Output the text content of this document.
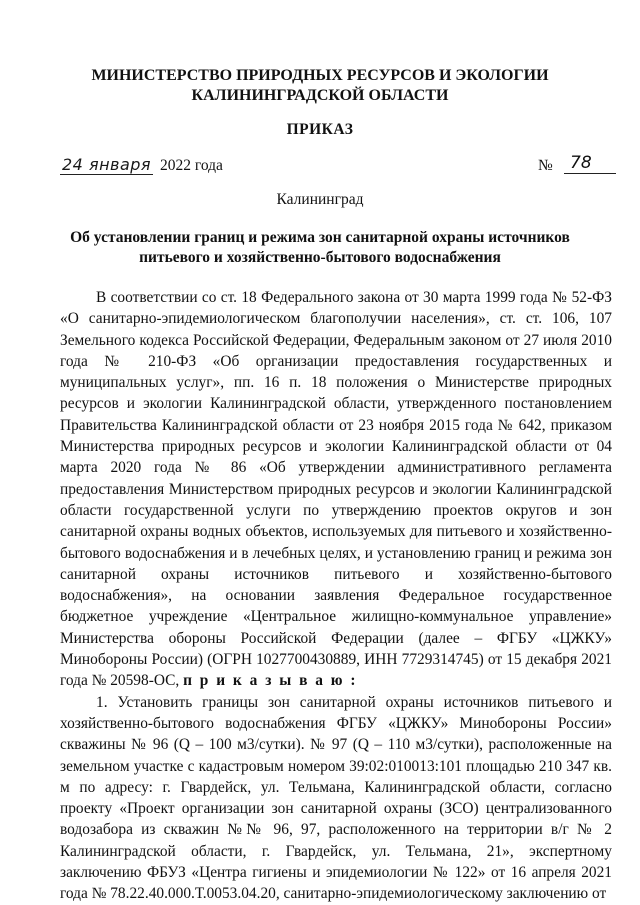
МИНИСТЕРСТВО ПРИРОДНЫХ РЕСУРСОВ И ЭКОЛОГИИ
КАЛИНИНГРАДСКОЙ ОБЛАСТИ
ПРИКАЗ
24 января 2022 года	№	78
Калининград
Об установлении границ и режима зон санитарной охраны источников
питьевого и хозяйственно-бытового водоснабжения

В соответствии со ст. 18 Федерального закона от 30 марта 1999 года № 52-ФЗ «О санитарно-эпидемиологическом благополучии населения», ст. ст. 106, 107 Земельного кодекса Российской Федерации, Федеральным законом от 27 июля 2010 года № 210-ФЗ «Об организации предоставления государственных и муниципальных услуг», пп. 16 п. 18 положения о Министерстве природных ресурсов и экологии Калининградской области, утвержденного постановлением Правительства Калининградской области от 23 ноября 2015 года № 642, приказом Министерства природных ресурсов и экологии Калининградской области от 04 марта 2020 года № 86 «Об утверждении административного регламента предоставления Министерством природных ресурсов и экологии Калининградской области государственной услуги по утверждению проектов округов и зон санитарной охраны водных объектов, используемых для питьевого и хозяйственно-бытового водоснабжения и в лечебных целях, и установлению границ и режима зон санитарной охраны источников питьевого и хозяйственно-бытового водоснабжения», на основании заявления Федеральное государственное бюджетное учреждение «Центральное жилищно-коммунальное управление» Министерства обороны Российской Федерации (далее – ФГБУ «ЦЖКУ» Минобороны России) (ОГРН 1027700430889, ИНН 7729314745) от 15 декабря 2021 года № 20598-ОС, п р и к а з ы в а ю :

1. Установить границы зон санитарной охраны источников питьевого и хозяйственно-бытового водоснабжения ФГБУ «ЦЖКУ» Минобороны России» скважины № 96 (Q – 100 м3/сутки). № 97 (Q – 110 м3/сутки), расположенные на земельном участке с кадастровым номером 39:02:010013:101 площадью 210 347 кв. м по адресу: г. Гвардейск, ул. Тельмана, Калининградской области, согласно проекту «Проект организации зон санитарной охраны (ЗСО) централизованного водозабора из скважин №№ 96, 97, расположенного на территории в/г № 2 Калининградской области, г. Гвардейск, ул. Тельмана, 21», экспертному заключению ФБУЗ «Центра гигиены и эпидемиологии № 122» от 16 апреля 2021 года № 78.22.40.000.Т.0053.04.20, санитарно-эпидемиологическому заключению от
